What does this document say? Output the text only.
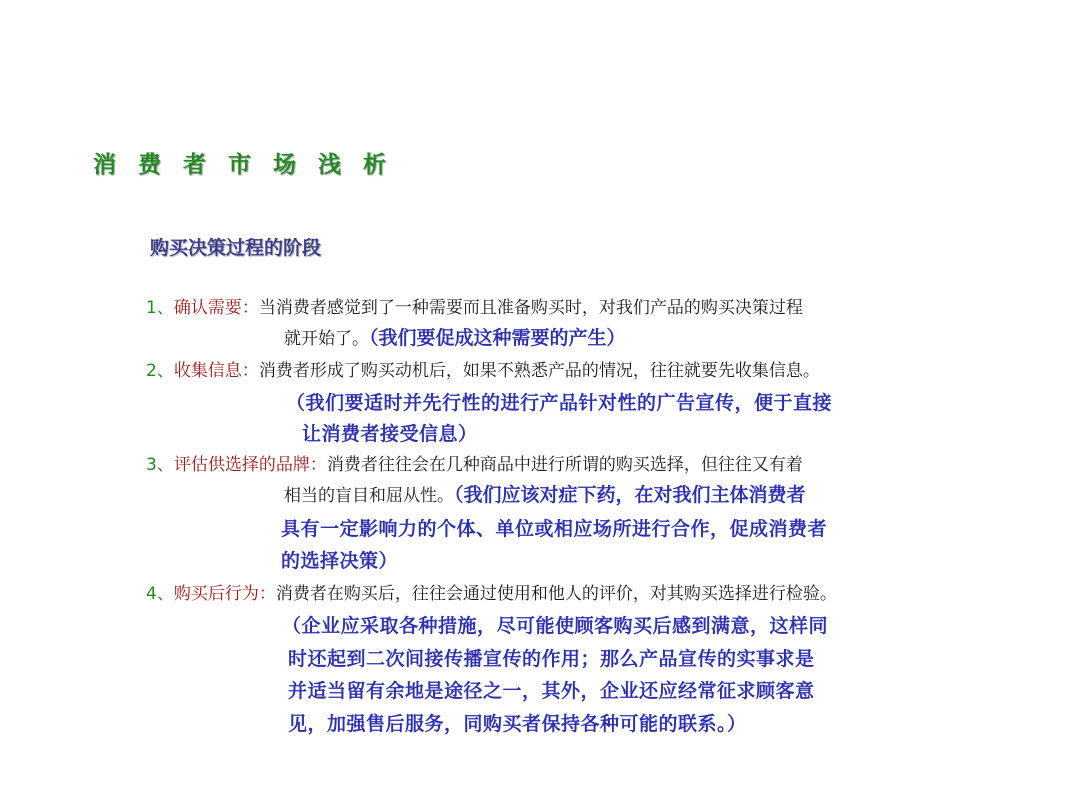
消 费 者 市 场 浅 析
购买决策过程的阶段
1、确认需要：当消费者感觉到了一种需要而且准备购买时，对我们产品的购买决策过程
就开始了。（我们要促成这种需要的产生）
2、收集信息：消费者形成了购买动机后，如果不熟悉产品的情况，往往就要先收集信息。
（我们要适时并先行性的进行产品针对性的广告宣传，便于直接
让消费者接受信息）
3、评估供选择的品牌：消费者往往会在几种商品中进行所谓的购买选择，但往往又有着
相当的盲目和屈从性。（我们应该对症下药，在对我们主体消费者
具有一定影响力的个体、单位或相应场所进行合作，促成消费者
的选择决策）
4、购买后行为：消费者在购买后，往往会通过使用和他人的评价，对其购买选择进行检验。
（企业应采取各种措施，尽可能使顾客购买后感到满意，这样同
时还起到二次间接传播宣传的作用；那么产品宣传的实事求是
并适当留有余地是途径之一，其外，企业还应经常征求顾客意
见，加强售后服务，同购买者保持各种可能的联系。）
